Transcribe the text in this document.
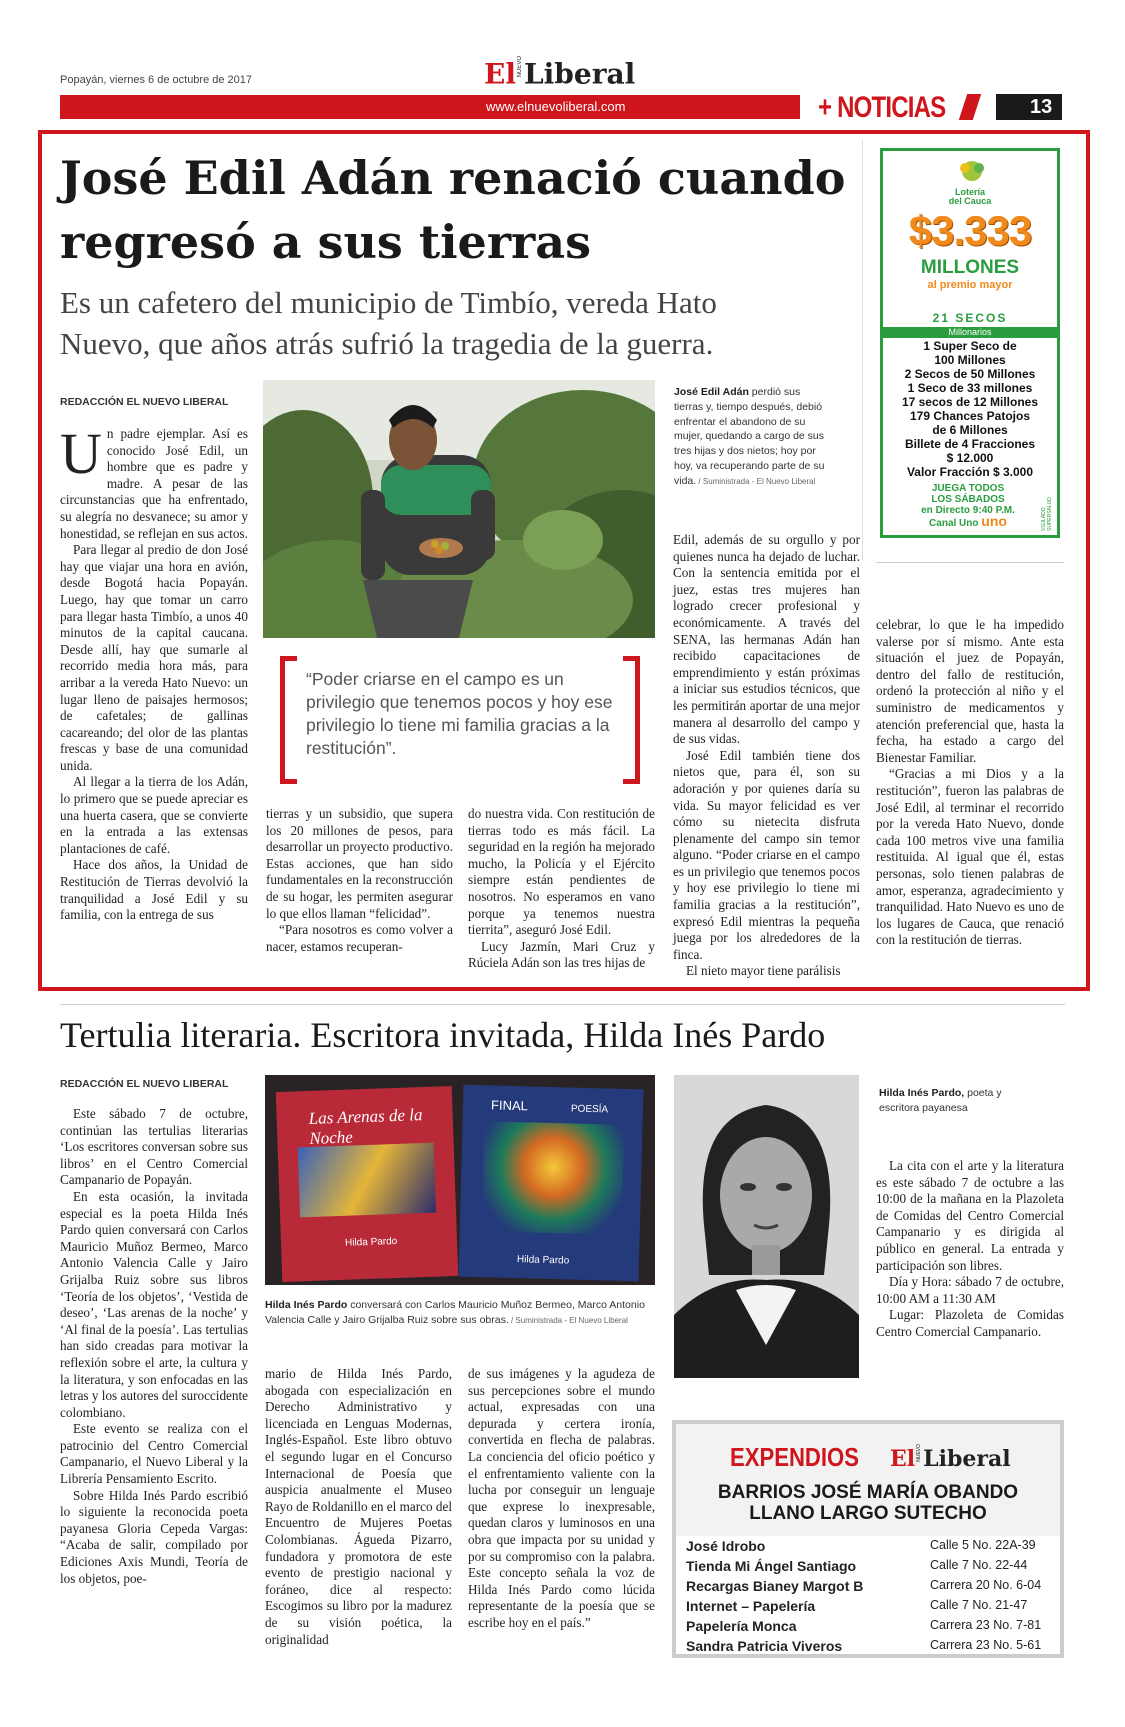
Popayán, viernes 6 de octubre de 2017	ElNUEVOLiberal
www.elnuevoliberal.com	+ NOTICIAS	13
José Edil Adán renació cuando
regresó a sus tierras
Es un cafetero del municipio de Timbío, vereda Hato
Nuevo, que años atrás sufrió la tragedia de la guerra.
REDACCIÓN EL NUEVO LIBERAL
U n padre ejemplar. Así es conocido José Edil, un hombre que es padre y madre. A pesar de las circunstancias que ha enfrentado, su alegría no desvanece; su amor y honestidad, se reflejan en sus actos.

Para llegar al predio de don José hay que viajar una hora en avión, desde Bogotá hacia Popayán. Luego, hay que tomar un carro para llegar hasta Timbío, a unos 40 minutos de la capital caucana. Desde allí, hay que sumarle al recorrido media hora más, para arribar a la vereda Hato Nuevo: un lugar lleno de paisajes hermosos; de cafetales; de gallinas cacareando; del olor de las plantas frescas y base de una comunidad unida.

Al llegar a la tierra de los Adán, lo primero que se puede apreciar es una huerta casera, que se convierte en la entrada a las extensas plantaciones de café.

Hace dos años, la Unidad de Restitución de Tierras devolvió la tranquilidad a José Edil y su familia, con la entrega de sus

José Edil Adán perdió sus tierras y, tiempo después, debió enfrentar el abandono de su mujer, quedando a cargo de sus tres hijas y dos nietos; hoy por hoy, va recuperando parte de su vida. / Suministrada - El Nuevo Liberal
“Poder criarse en el campo es un privilegio que tenemos pocos y hoy ese privilegio lo tiene mi familia gracias a la restitución”.

tierras y un subsidio, que supera los 20 millones de pesos, para desarrollar un proyecto productivo. Estas acciones, que han sido fundamentales en la reconstrucción de su hogar, les permiten asegurar lo que ellos llaman “felicidad”.

“Para nosotros es como volver a nacer, estamos recuperan-

do nuestra vida. Con restitución de tierras todo es más fácil. La seguridad en la región ha mejorado mucho, la Policía y el Ejército siempre están pendientes de nosotros. No esperamos en vano porque ya tenemos nuestra tierrita”, aseguró José Edil.

Lucy Jazmín, Mari Cruz y Rúciela Adán son las tres hijas de

Edil, además de su orgullo y por quienes nunca ha dejado de luchar. Con la sentencia emitida por el juez, estas tres mujeres han logrado crecer profesional y económicamente. A través del SENA, las hermanas Adán han recibido capacitaciones de emprendimiento y están próximas a iniciar sus estudios técnicos, que les permitirán aportar de una mejor manera al desarrollo del campo y de sus vidas.

José Edil también tiene dos nietos que, para él, son su adoración y por quienes daría su vida. Su mayor felicidad es ver cómo su nietecita disfruta plenamente del campo sin temor alguno. “Poder criarse en el campo es un privilegio que tenemos pocos y hoy ese privilegio lo tiene mi familia gracias a la restitución”, expresó Edil mientras la pequeña juega por los alrededores de la finca.

El nieto mayor tiene parálisis

celebrar, lo que le ha impedido valerse por sí mismo. Ante esta situación el juez de Popayán, dentro del fallo de restitución, ordenó la protección al niño y el suministro de medicamentos y atención preferencial que, hasta la fecha, ha estado a cargo del Bienestar Familiar.

“Gracias a mi Dios y a la restitución”, fueron las palabras de José Edil, al terminar el recorrido por la vereda Hato Nuevo, donde cada 100 metros vive una familia restituida. Al igual que él, estas personas, solo tienen palabras de amor, esperanza, agradecimiento y tranquilidad. Hato Nuevo es uno de los lugares de Cauca, que renació con la restitución de tierras.

Lotería
del Cauca
$3.333
MILLONES
al premio mayor
21 SECOS
Millonarios
1 Super Seco de
100 Millones
2 Secos de 50 Millones
1 Seco de 33 millones
17 secos de 12 Millones
179 Chances Patojos
de 6 Millones
Billete de 4 Fracciones
$ 12.000
Valor Fracción $ 3.000
JUEGA TODOS
LOS SÁBADOS
en Directo 9:40 P.M.
Canal Uno uno	VIGILADO SUPERSALUD
Tertulia literaria. Escritora invitada, Hilda Inés Pardo
REDACCIÓN EL NUEVO LIBERAL

Este sábado 7 de octubre, continúan las tertulias literarias ‘Los escritores conversan sobre sus libros’ en el Centro Comercial Campanario de Popayán.

En esta ocasión, la invitada especial es la poeta Hilda Inés Pardo quien conversará con Carlos Mauricio Muñoz Bermeo, Marco Antonio Valencia Calle y Jairo Grijalba Ruiz sobre sus libros ‘Teoría de los objetos’, ‘Vestida de deseo’, ‘Las arenas de la noche’ y ‘Al final de la poesía’. Las tertulias han sido creadas para motivar la reflexión sobre el arte, la cultura y la literatura, y son enfocadas en las letras y los autores del suroccidente colombiano.

Este evento se realiza con el patrocinio del Centro Comercial Campanario, el Nuevo Liberal y la Librería Pensamiento Escrito.

Sobre Hilda Inés Pardo escribió lo siguiente la reconocida poeta payanesa Gloria Cepeda Vargas: “Acaba de salir, compilado por Ediciones Axis Mundi, Teoría de los objetos, poe-

Las Arenas de la Noche
Hilda Pardo
FINAL	POESÍA
Hilda Pardo
Hilda Inés Pardo conversará con Carlos Mauricio Muñoz Bermeo, Marco Antonio Valencia Calle y Jairo Grijalba Ruiz sobre sus obras. / Suministrada - El Nuevo Liberal

mario de Hilda Inés Pardo, abogada con especialización en Derecho Administrativo y licenciada en Lenguas Modernas, Inglés-Español. Este libro obtuvo el segundo lugar en el Concurso Internacional de Poesía que auspicia anualmente el Museo Rayo de Roldanillo en el marco del Encuentro de Mujeres Poetas Colombianas. Águeda Pizarro, fundadora y promotora de este evento de prestigio nacional y foráneo, dice al respecto: Escogimos su libro por la madurez de su visión poética, la originalidad

de sus imágenes y la agudeza de sus percepciones sobre el mundo actual, expresadas con una depurada y certera ironía, convertida en flecha de palabras. La conciencia del oficio poético y el enfrentamiento valiente con la lucha por conseguir un lenguaje que exprese lo inexpresable, quedan claros y luminosos en una obra que impacta por su unidad y por su compromiso con la palabra. Este concepto señala la voz de Hilda Inés Pardo como lúcida representante de la poesía que se escribe hoy en el país.”

Hilda Inés Pardo, poeta y escritora payanesa

La cita con el arte y la literatura es este sábado 7 de octubre a las 10:00 de la mañana en la Plazoleta de Comidas del Centro Comercial Campanario y es dirigida al público en general. La entrada y participación son libres.

Día y Hora: sábado 7 de octubre, 10:00 AM a 11:30 AM

Lugar: Plazoleta de Comidas Centro Comercial Campanario.

EXPENDIOS ElNUEVOLiberal
BARRIOS JOSÉ MARÍA OBANDO
LLANO LARGO SUTECHO
José Idrobo	Calle 5 No. 22A-39
Tienda Mi Ángel Santiago	Calle 7 No. 22-44
Recargas Bianey Margot B	Carrera 20 No. 6-04
Internet – Papelería	Calle 7 No. 21-47
Papelería Monca	Carrera 23 No. 7-81
Sandra Patricia Viveros	Carrera 23 No. 5-61
